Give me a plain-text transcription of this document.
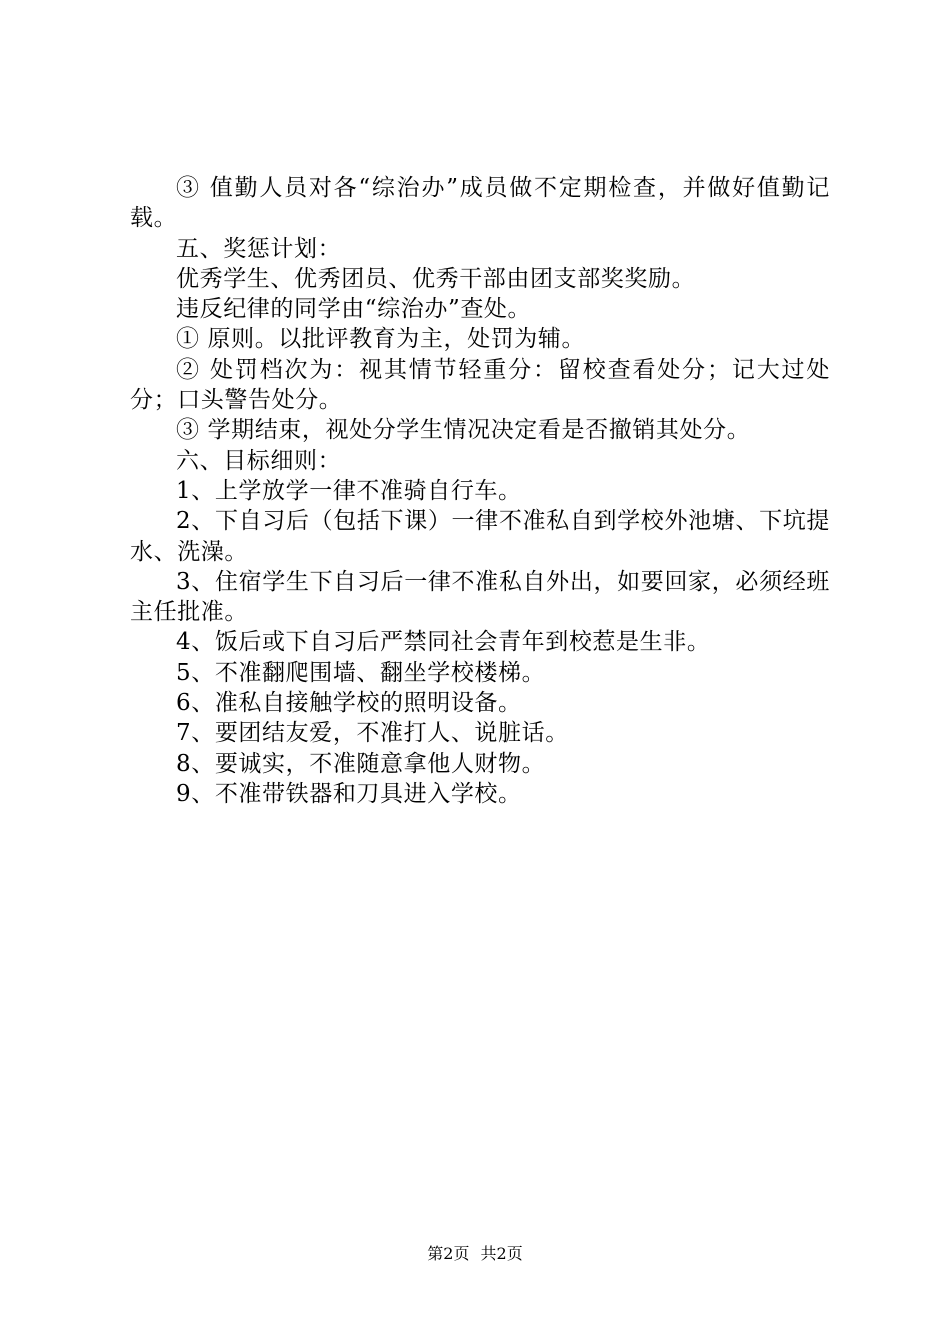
③ 值勤人员对各“综治办”成员做不定期检查，并做好值勤记载。

五、奖惩计划：

优秀学生、优秀团员、优秀干部由团支部奖奖励。

违反纪律的同学由“综治办”查处。

① 原则。以批评教育为主，处罚为辅。

② 处罚档次为：视其情节轻重分：留校查看处分；记大过处分；口头警告处分。

③ 学期结束，视处分学生情况决定看是否撤销其处分。

六、目标细则：

1、上学放学一律不准骑自行车。

2、下自习后（包括下课）一律不准私自到学校外池塘、下坑提水、洗澡。

3、住宿学生下自习后一律不准私自外出，如要回家，必须经班主任批准。

4、饭后或下自习后严禁同社会青年到校惹是生非。

5、不准翻爬围墙、翻坐学校楼梯。

6、准私自接触学校的照明设备。

7、要团结友爱，不准打人、说脏话。

8、要诚实，不准随意拿他人财物。

9、不准带铁器和刀具进入学校。

第2页 共2页
